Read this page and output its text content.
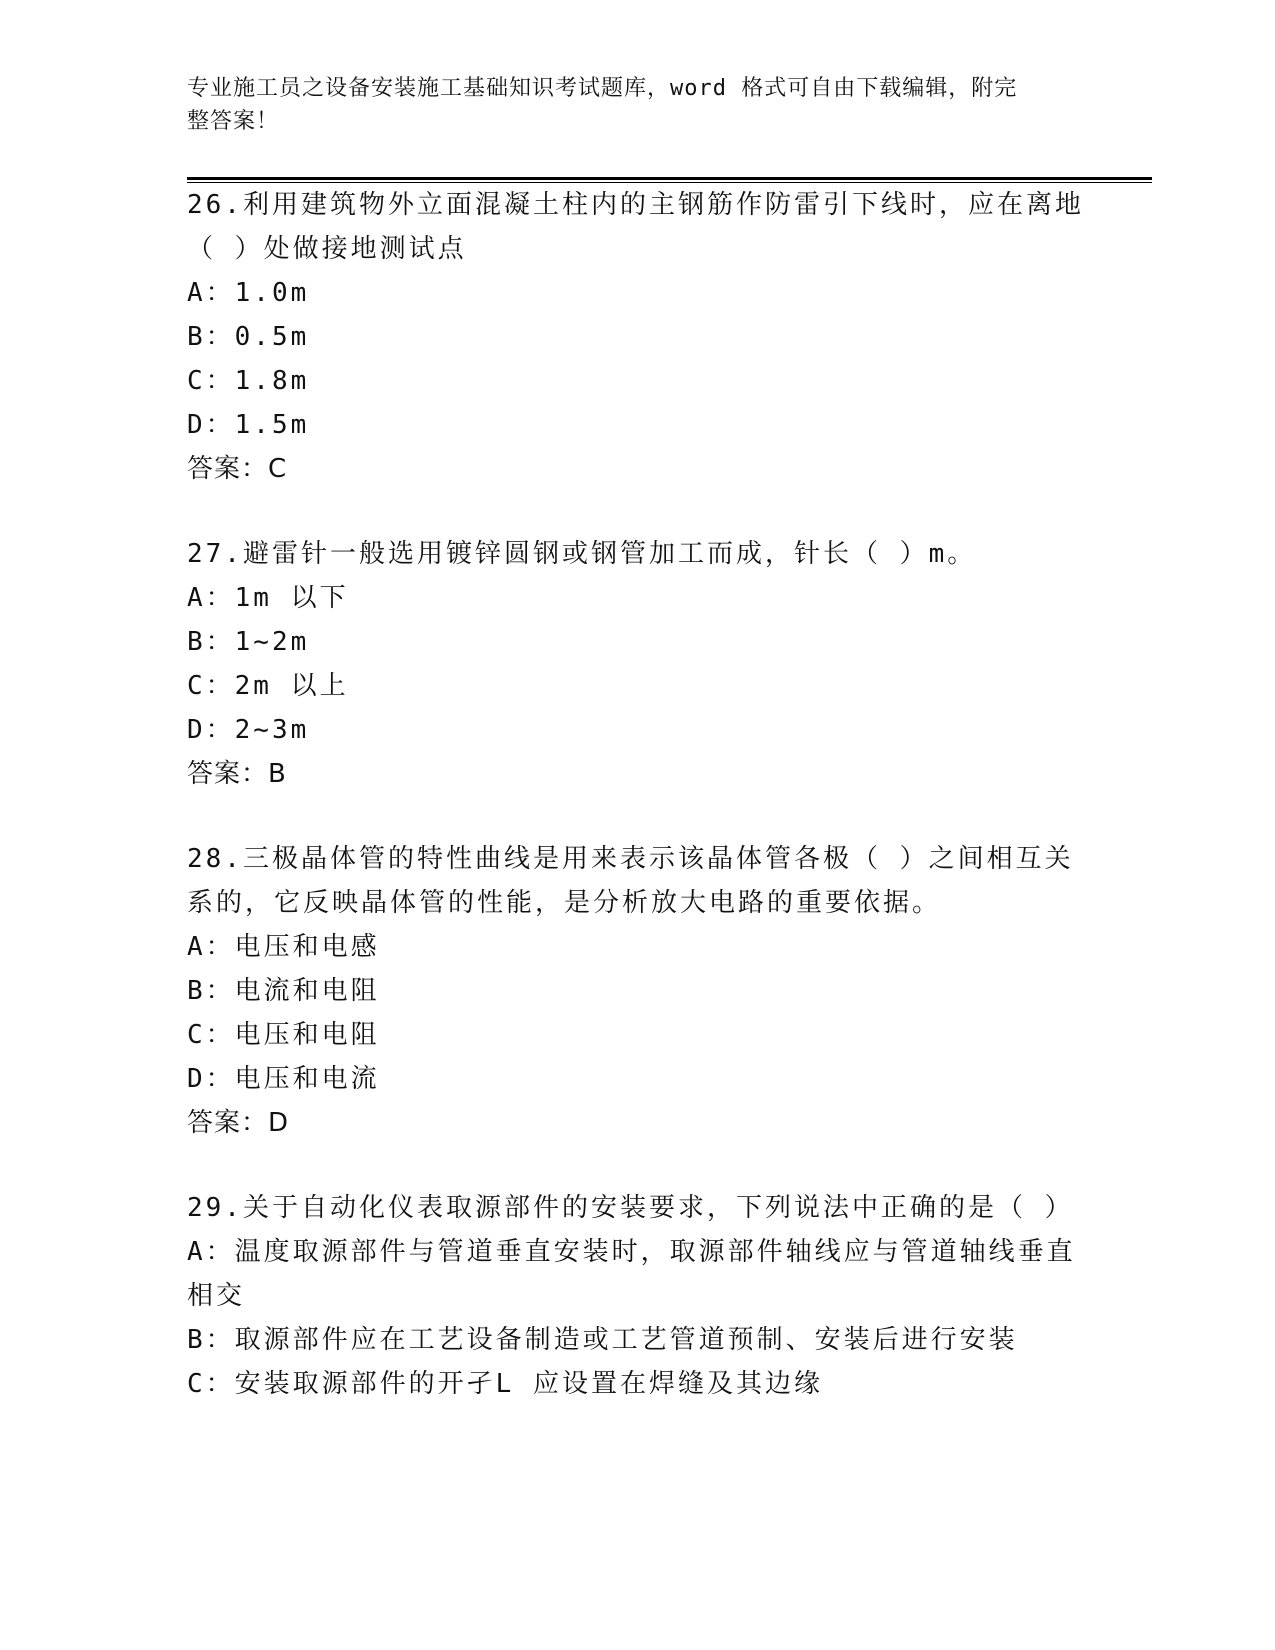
专业施工员之设备安装施工基础知识考试题库，word 格式可自由下载编辑，附完
整答案！
26.利用建筑物外立面混凝土柱内的主钢筋作防雷引下线时，应在离地
（ ）处做接地测试点
A：1.0m
B：0.5m
C：1.8m
D：1.5m
答案：C
27.避雷针一般选用镀锌圆钢或钢管加工而成，针长（ ）m。
A：1m 以下
B：1~2m
C：2m 以上
D：2~3m
答案：B
28.三极晶体管的特性曲线是用来表示该晶体管各极（ ）之间相互关
系的，它反映晶体管的性能，是分析放大电路的重要依据。
A：电压和电感
B：电流和电阻
C：电压和电阻
D：电压和电流
答案：D
29.关于自动化仪表取源部件的安装要求，下列说法中正确的是（ ）
A：温度取源部件与管道垂直安装时，取源部件轴线应与管道轴线垂直
相交
B：取源部件应在工艺设备制造或工艺管道预制、安装后进行安装
C：安装取源部件的开孑L 应设置在焊缝及其边缘
